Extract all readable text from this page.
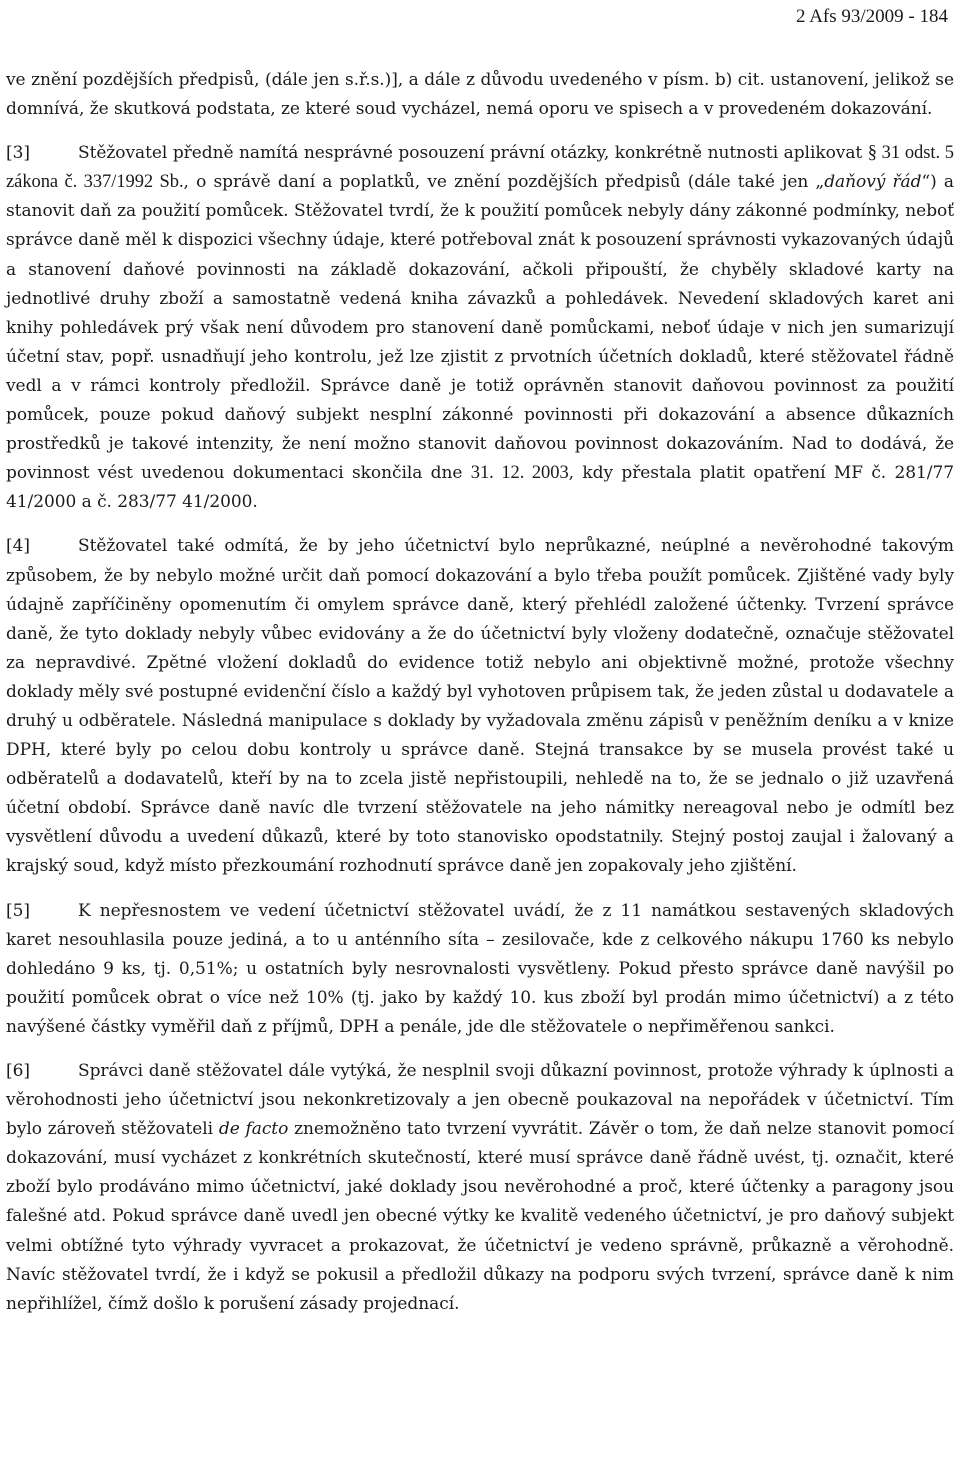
2 Afs 93/2009 - 184

ve znění pozdějších předpisů, (dále jen s.ř.s.)], a dále z důvodu uvedeného v písm. b) cit. ustanovení, jelikož se domnívá, že skutková podstata, ze které soud vycházel, nemá oporu ve spisech a v provedeném dokazování.

[3]	Stěžovatel předně namítá nesprávné posouzení právní otázky, konkrétně nutnosti aplikovat § 31 odst. 5 zákona č. 337/1992 Sb., o správě daní a poplatků, ve znění pozdějších předpisů (dále také jen „daňový řád“) a stanovit daň za použití pomůcek. Stěžovatel tvrdí, že k použití pomůcek nebyly dány zákonné podmínky, neboť správce daně měl k dispozici všechny údaje, které potřeboval znát k posouzení správnosti vykazovaných údajů a stanovení daňové povinnosti na základě dokazování, ačkoli připouští, že chyběly skladové karty na jednotlivé druhy zboží a samostatně vedená kniha závazků a pohledávek. Nevedení skladových karet ani knihy pohledávek prý však není důvodem pro stanovení daně pomůckami, neboť údaje v nich jen sumarizují účetní stav, popř. usnadňují jeho kontrolu, jež lze zjistit z prvotních účetních dokladů, které stěžovatel řádně vedl a v rámci kontroly předložil. Správce daně je totiž oprávněn stanovit daňovou povinnost za použití pomůcek, pouze pokud daňový subjekt nesplní zákonné povinnosti při dokazování a absence důkazních prostředků je takové intenzity, že není možno stanovit daňovou povinnost dokazováním. Nad to dodává, že povinnost vést uvedenou dokumentaci skončila dne 31. 12. 2003, kdy přestala platit opatření MF č. 281/77 41/2000 a č. 283/77 41/2000.

[4]	Stěžovatel také odmítá, že by jeho účetnictví bylo neprůkazné, neúplné a nevěrohodné takovým způsobem, že by nebylo možné určit daň pomocí dokazování a bylo třeba použít pomůcek. Zjištěné vady byly údajně zapříčiněny opomenutím či omylem správce daně, který přehlédl založené účtenky. Tvrzení správce daně, že tyto doklady nebyly vůbec evidovány a že do účetnictví byly vloženy dodatečně, označuje stěžovatel za nepravdivé. Zpětné vložení dokladů do evidence totiž nebylo ani objektivně možné, protože všechny doklady měly své postupné evidenční číslo a každý byl vyhotoven průpisem tak, že jeden zůstal u dodavatele a druhý u odběratele. Následná manipulace s doklady by vyžadovala změnu zápisů v peněžním deníku a v knize DPH, které byly po celou dobu kontroly u správce daně. Stejná transakce by se musela provést také u odběratelů a dodavatelů, kteří by na to zcela jistě nepřistoupili, nehledě na to, že se jednalo o již uzavřená účetní období. Správce daně navíc dle tvrzení stěžovatele na jeho námitky nereagoval nebo je odmítl bez vysvětlení důvodu a uvedení důkazů, které by toto stanovisko opodstatnily. Stejný postoj zaujal i žalovaný a krajský soud, když místo přezkoumání rozhodnutí správce daně jen zopakovaly jeho zjištění.

[5]	K nepřesnostem ve vedení účetnictví stěžovatel uvádí, že z 11 namátkou sestavených skladových karet nesouhlasila pouze jediná, a to u anténního síta – zesilovače, kde z celkového nákupu 1760 ks nebylo dohledáno 9 ks, tj. 0,51%; u ostatních byly nesrovnalosti vysvětleny. Pokud přesto správce daně navýšil po použití pomůcek obrat o více než 10% (tj. jako by každý 10. kus zboží byl prodán mimo účetnictví) a z této navýšené částky vyměřil daň z příjmů, DPH a penále, jde dle stěžovatele o nepřiměřenou sankci.

[6]	Správci daně stěžovatel dále vytýká, že nesplnil svoji důkazní povinnost, protože výhrady k úplnosti a věrohodnosti jeho účetnictví jsou nekonkretizovaly a jen obecně poukazoval na nepořádek v účetnictví. Tím bylo zároveň stěžovateli de facto znemožněno tato tvrzení vyvrátit. Závěr o tom, že daň nelze stanovit pomocí dokazování, musí vycházet z konkrétních skutečností, které musí správce daně řádně uvést, tj. označit, které zboží bylo prodáváno mimo účetnictví, jaké doklady jsou nevěrohodné a proč, které účtenky a paragony jsou falešné atd. Pokud správce daně uvedl jen obecné výtky ke kvalitě vedeného účetnictví, je pro daňový subjekt velmi obtížné tyto výhrady vyvracet a prokazovat, že účetnictví je vedeno správně, průkazně a věrohodně. Navíc stěžovatel tvrdí, že i když se pokusil a předložil důkazy na podporu svých tvrzení, správce daně k nim nepřihlížel, čímž došlo k porušení zásady projednací.
